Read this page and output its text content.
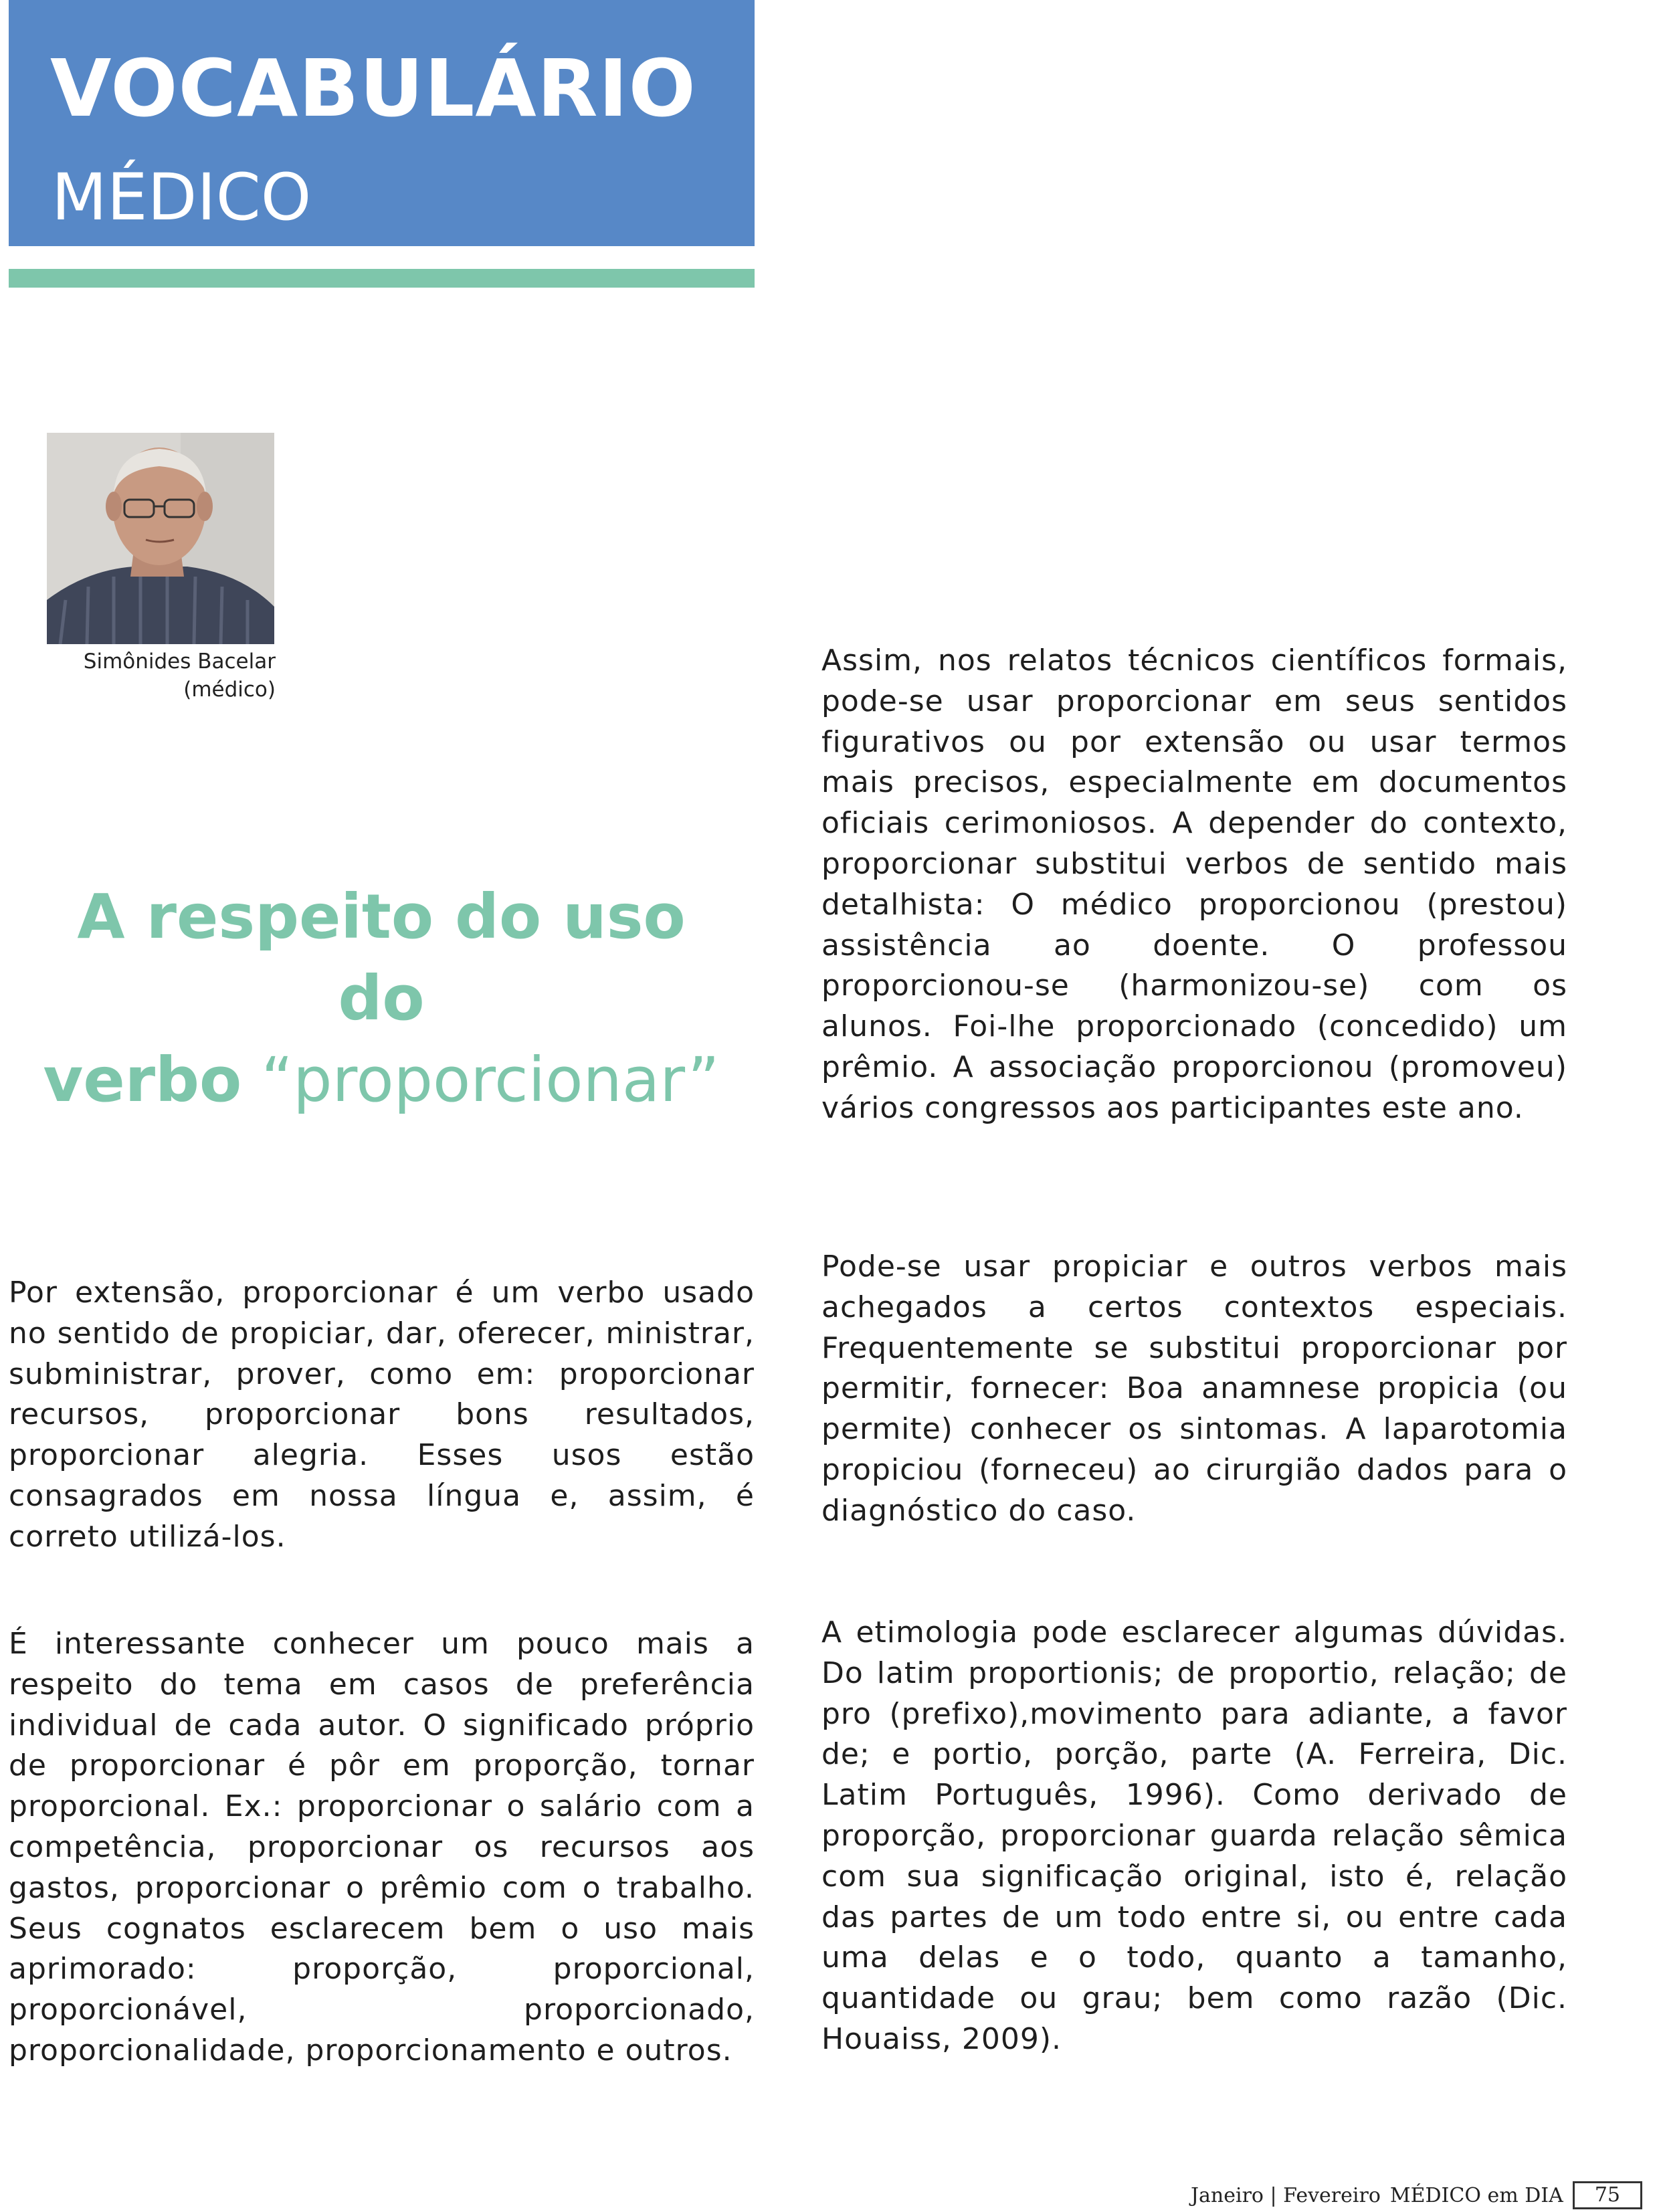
VOCABULÁRIO
MÉDICO
Simônides Bacelar
(médico)
A respeito do uso do
verbo “proporcionar”

Assim, nos relatos técnicos científicos formais, pode-se usar proporcionar em seus sentidos figurativos ou por extensão ou usar termos mais precisos, especialmente em documentos oficiais cerimoniosos. A depender do contexto, proporcionar substitui verbos de sentido mais detalhista: O médico proporcionou (prestou) assistência ao doente. O professou proporcionou-se (harmonizou-se) com os alunos. Foi-lhe proporcionado (concedido) um prêmio. A associação proporcionou (promoveu) vários congressos aos participantes este ano.

Pode-se usar propiciar e outros verbos mais achegados a certos contextos especiais. Frequentemente se substitui proporcionar por permitir, fornecer: Boa anamnese propicia (ou permite) conhecer os sintomas. A laparotomia propiciou (forneceu) ao cirurgião dados para o diagnóstico do caso.

A etimologia pode esclarecer algumas dúvidas. Do latim proportionis; de proportio, relação; de pro (prefixo),movimento para adiante, a favor de; e portio, porção, parte (A. Ferreira, Dic. Latim Português, 1996). Como derivado de proporção, proporcionar guarda relação sêmica com sua significação original, isto é, relação das partes de um todo entre si, ou entre cada uma delas e o todo, quanto a tamanho, quantidade ou grau; bem como razão (Dic. Houaiss, 2009).

Por extensão, proporcionar é um verbo usado no sentido de propiciar, dar, oferecer, ministrar, subministrar, prover, como em: proporcionar recursos, proporcionar bons resultados, proporcionar alegria. Esses usos estão consagrados em nossa língua e, assim, é correto utilizá-los.

É interessante conhecer um pouco mais a respeito do tema em casos de preferência individual de cada autor. O significado próprio de proporcionar é pôr em proporção, tornar proporcional. Ex.: proporcionar o salário com a competência, proporcionar os recursos aos gastos, proporcionar o prêmio com o trabalho. Seus cognatos esclarecem bem o uso mais aprimorado: proporção, proporcional, proporcionável, proporcionado, proporcionalidade, proporcionamento e outros.

Janeiro | Fevereiro MÉDICO em DIA	75
